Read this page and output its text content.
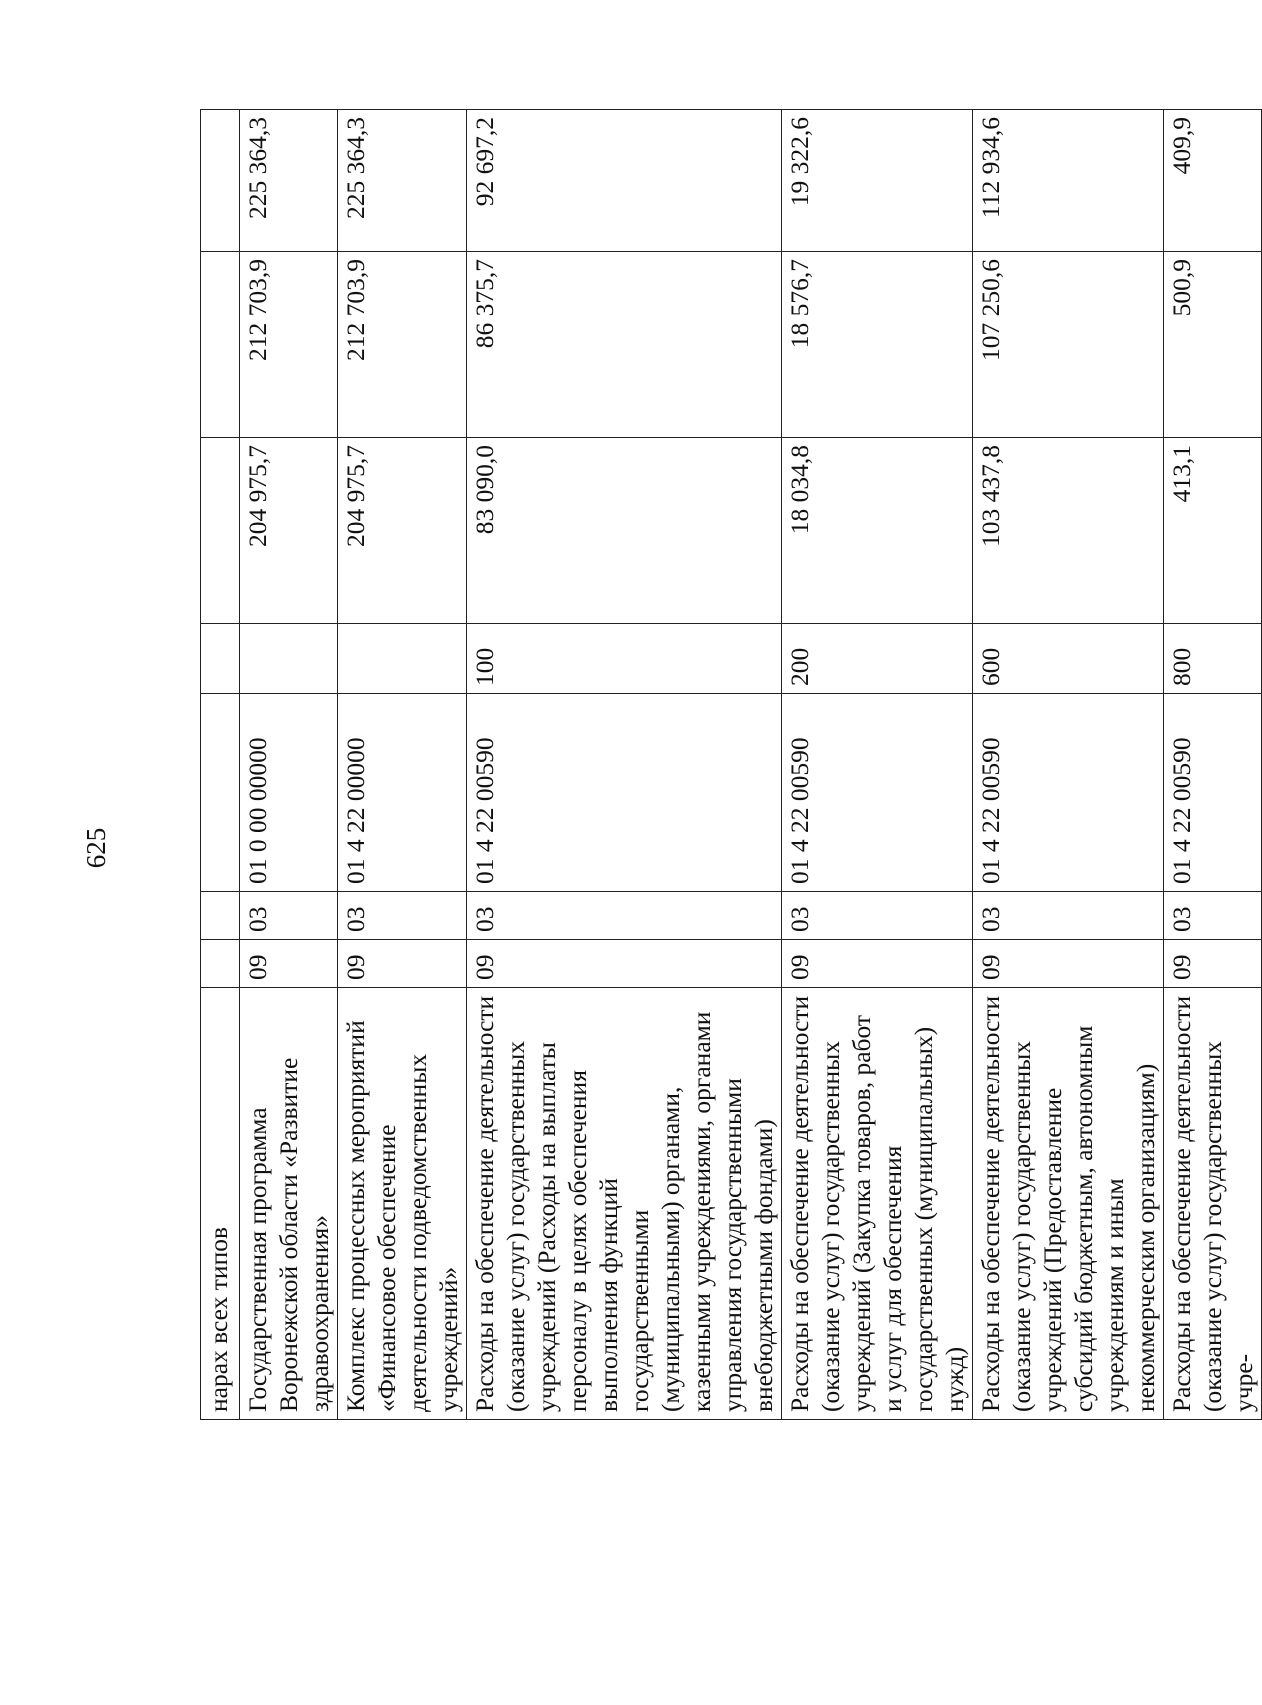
625
нарах всех типов							
Государственная программа Воронежской области «Развитие здравоохранения»	09	03	01 0 00 00000		204 975,7	212 703,9	225 364,3
Комплекс процессных мероприятий «Финансовое обеспечение деятельности подведомственных учреждений»	09	03	01 4 22 00000		204 975,7	212 703,9	225 364,3
Расходы на обеспечение деятельности (оказание услуг) государственных учреждений (Расходы на выплаты персоналу в целях обеспечения выполнения функций государственными (муниципальными) органами, казенными учреждениями, органами управления государственными внебюджетными фондами)	09	03	01 4 22 00590	100	83 090,0	86 375,7	92 697,2
Расходы на обеспечение деятельности (оказание услуг) государственных учреждений (Закупка товаров, работ и услуг для обеспечения государственных (муниципальных) нужд)	09	03	01 4 22 00590	200	18 034,8	18 576,7	19 322,6
Расходы на обеспечение деятельности (оказание услуг) государственных учреждений (Предоставление субсидий бюджетным, автономным учреждениям и иным некоммерческим организациям)	09	03	01 4 22 00590	600	103 437,8	107 250,6	112 934,6
Расходы на обеспечение деятельности (оказание услуг) государственных учре-	09	03	01 4 22 00590	800	413,1	500,9	409,9
